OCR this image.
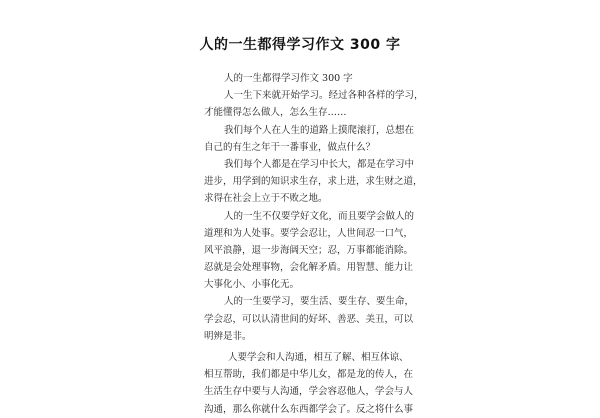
人的一生都得学习作文 300 字
人的一生都得学习作文 300 字
人一生下来就开始学习。经过各种各样的学习，
才能懂得怎么做人，怎么生存……
我们每个人在人生的道路上摸爬滚打，总想在
自己的有生之年干一番事业，做点什么？
我们每个人都是在学习中长大，都是在学习中
进步，用学到的知识求生存，求上进，求生财之道，
求得在社会上立于不败之地。
人的一生不仅要学好文化，而且要学会做人的
道理和为人处事。要学会忍让，人世间忍一口气，
风平浪静，退一步海阔天空；忍，万事都能消除。
忍就是会处理事物，会化解矛盾。用智慧、能力让
大事化小、小事化无。
人的一生要学习，要生活、要生存、要生命，
学会忍，可以认清世间的好坏、善恶、美丑，可以
明辨是非。
人要学会和人沟通，相互了解、相互体谅、
相互帮助，我们都是中华儿女，都是龙的传人，在
生活生存中要与人沟通，学会容忍他人，学会与人
沟通，那么你就什么东西都学会了。反之将什么事
